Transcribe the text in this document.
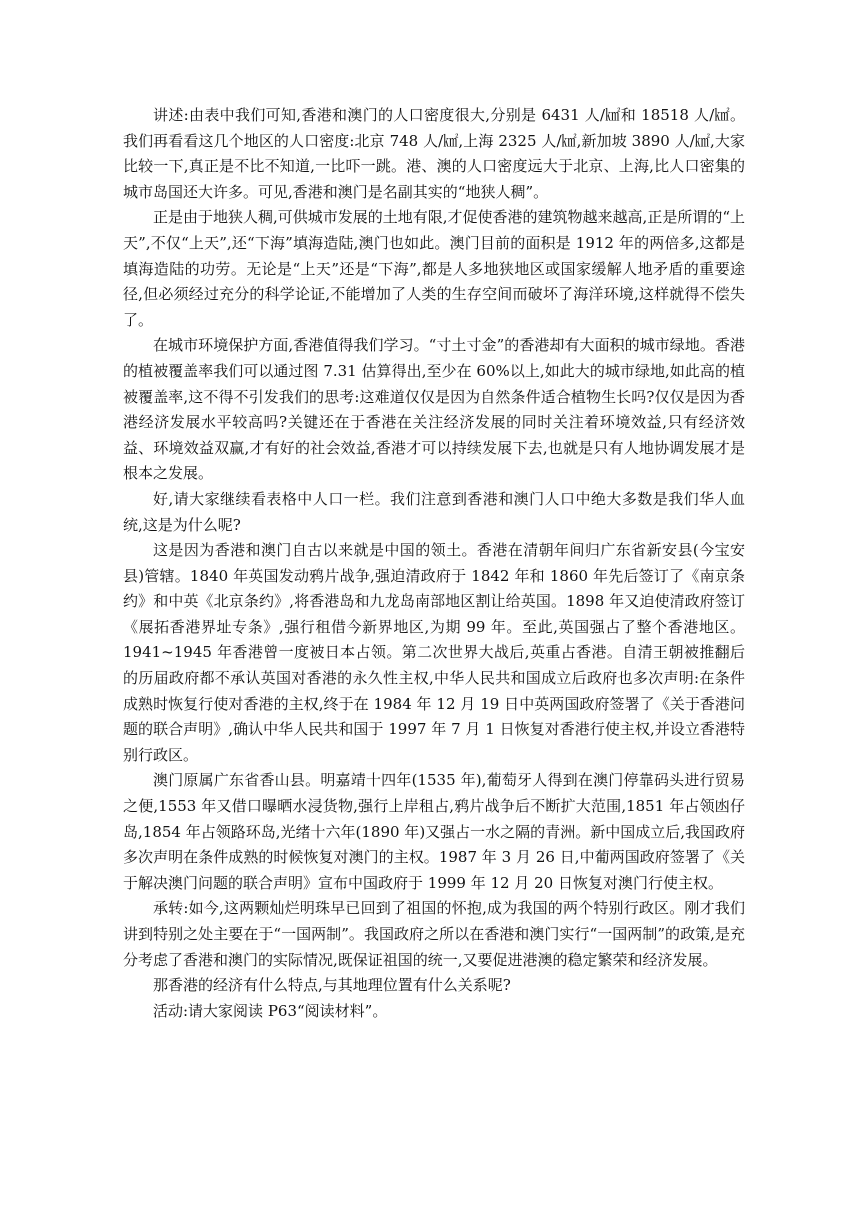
讲述:由表中我们可知,香港和澳门的人口密度很大,分别是 6431 人/㎢和 18518 人/㎢。我们再看看这几个地区的人口密度:北京 748 人/㎢,上海 2325 人/㎢,新加坡 3890 人/㎢,大家比较一下,真正是不比不知道,一比吓一跳。港、澳的人口密度远大于北京、上海,比人口密集的城市岛国还大许多。可见,香港和澳门是名副其实的“地狭人稠”。

正是由于地狭人稠,可供城市发展的土地有限,才促使香港的建筑物越来越高,正是所谓的“上天”,不仅“上天”,还“下海”填海造陆,澳门也如此。澳门目前的面积是 1912 年的两倍多,这都是填海造陆的功劳。无论是“上天”还是“下海”,都是人多地狭地区或国家缓解人地矛盾的重要途径,但必须经过充分的科学论证,不能增加了人类的生存空间而破坏了海洋环境,这样就得不偿失了。

在城市环境保护方面,香港值得我们学习。“寸土寸金”的香港却有大面积的城市绿地。香港的植被覆盖率我们可以通过图 7.31 估算得出,至少在 60%以上,如此大的城市绿地,如此高的植被覆盖率,这不得不引发我们的思考:这难道仅仅是因为自然条件适合植物生长吗?仅仅是因为香港经济发展水平较高吗?关键还在于香港在关注经济发展的同时关注着环境效益,只有经济效益、环境效益双赢,才有好的社会效益,香港才可以持续发展下去,也就是只有人地协调发展才是根本之发展。

好,请大家继续看表格中人口一栏。我们注意到香港和澳门人口中绝大多数是我们华人血统,这是为什么呢?

这是因为香港和澳门自古以来就是中国的领土。香港在清朝年间归广东省新安县(今宝安县)管辖。1840 年英国发动鸦片战争,强迫清政府于 1842 年和 1860 年先后签订了《南京条约》和中英《北京条约》,将香港岛和九龙岛南部地区割让给英国。1898 年又迫使清政府签订《展拓香港界址专条》,强行租借今新界地区,为期 99 年。至此,英国强占了整个香港地区。1941~1945 年香港曾一度被日本占领。第二次世界大战后,英重占香港。自清王朝被推翻后的历届政府都不承认英国对香港的永久性主权,中华人民共和国成立后政府也多次声明:在条件成熟时恢复行使对香港的主权,终于在 1984 年 12 月 19 日中英两国政府签署了《关于香港问题的联合声明》,确认中华人民共和国于 1997 年 7 月 1 日恢复对香港行使主权,并设立香港特别行政区。

澳门原属广东省香山县。明嘉靖十四年(1535 年),葡萄牙人得到在澳门停靠码头进行贸易之便,1553 年又借口曝晒水浸货物,强行上岸租占,鸦片战争后不断扩大范围,1851 年占领凼仔岛,1854 年占领路环岛,光绪十六年(1890 年)又强占一水之隔的青洲。新中国成立后,我国政府多次声明在条件成熟的时候恢复对澳门的主权。1987 年 3 月 26 日,中葡两国政府签署了《关于解决澳门问题的联合声明》宣布中国政府于 1999 年 12 月 20 日恢复对澳门行使主权。

承转:如今,这两颗灿烂明珠早已回到了祖国的怀抱,成为我国的两个特别行政区。刚才我们讲到特别之处主要在于“一国两制”。我国政府之所以在香港和澳门实行“一国两制”的政策,是充分考虑了香港和澳门的实际情况,既保证祖国的统一,又要促进港澳的稳定繁荣和经济发展。

那香港的经济有什么特点,与其地理位置有什么关系呢?

活动:请大家阅读 P63“阅读材料”。
